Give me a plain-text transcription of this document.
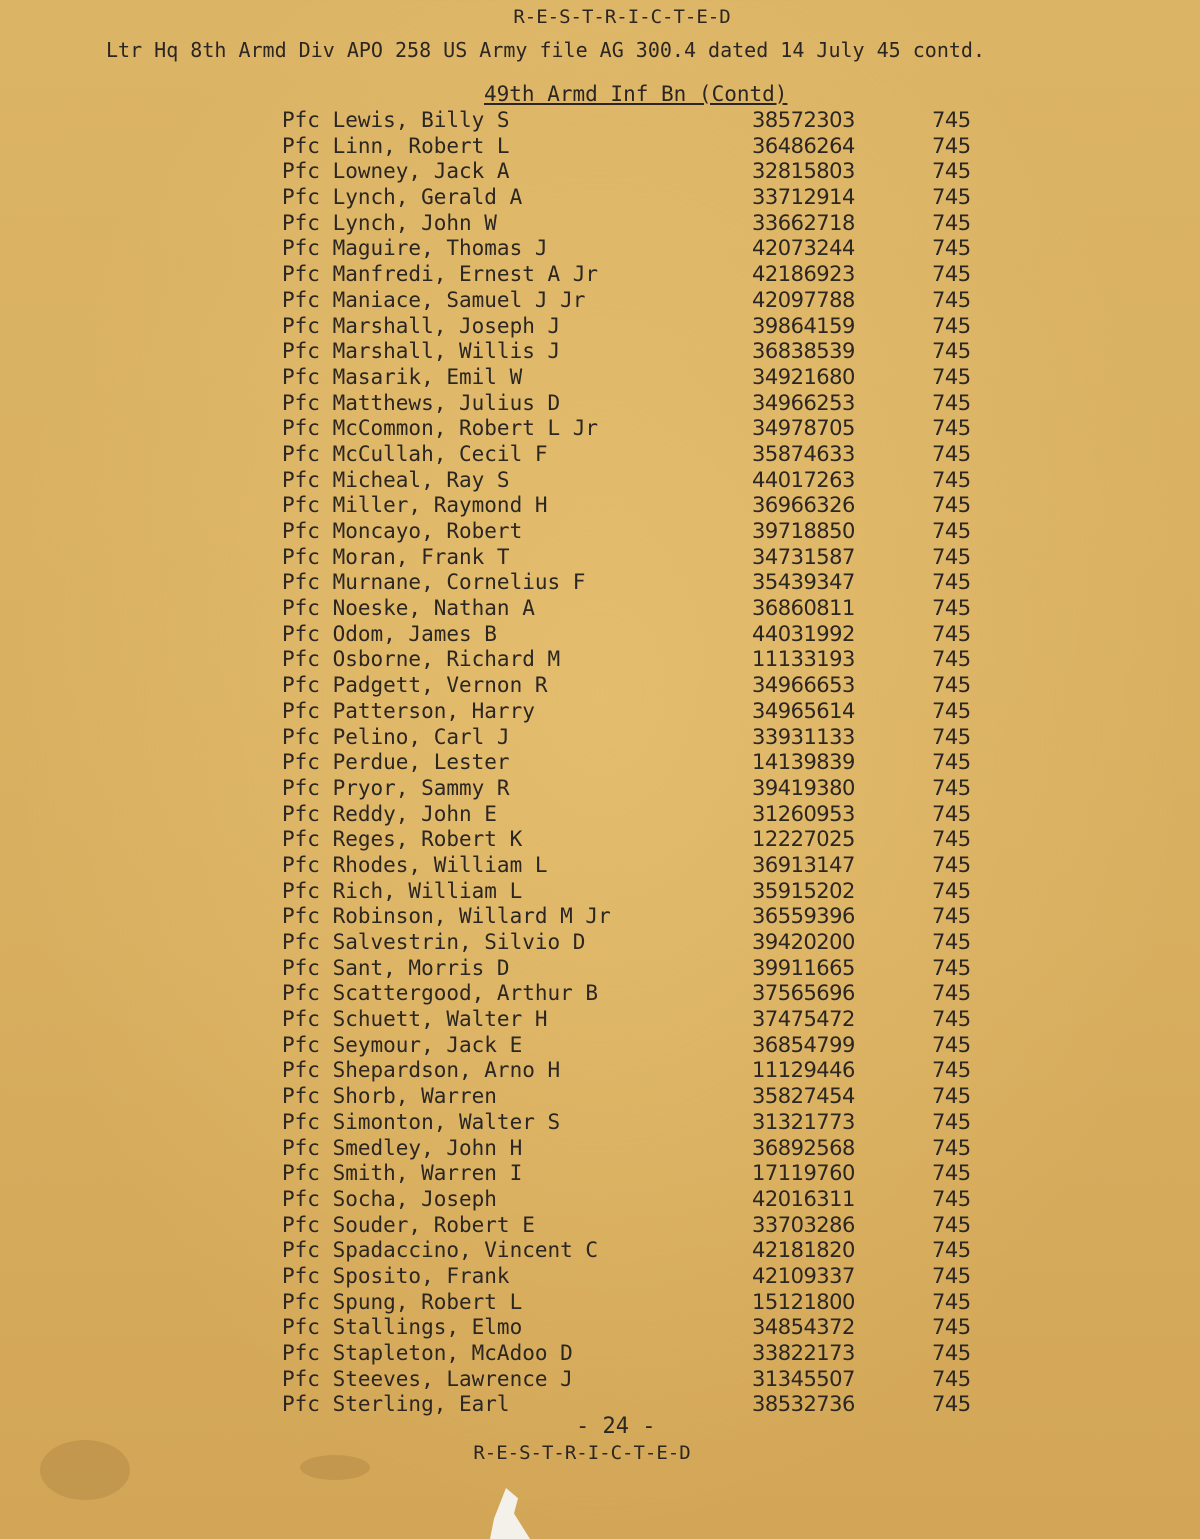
R-E-S-T-R-I-C-T-E-D
Ltr Hq 8th Armd Div APO 258 US Army file AG 300.4 dated 14 July 45 contd.
49th Armd Inf Bn (Contd)
Pfc Lewis, Billy S	38572303	745
Pfc Linn, Robert L	36486264	745
Pfc Lowney, Jack A	32815803	745
Pfc Lynch, Gerald A	33712914	745
Pfc Lynch, John W	33662718	745
Pfc Maguire, Thomas J	42073244	745
Pfc Manfredi, Ernest A Jr	42186923	745
Pfc Maniace, Samuel J Jr	42097788	745
Pfc Marshall, Joseph J	39864159	745
Pfc Marshall, Willis J	36838539	745
Pfc Masarik, Emil W	34921680	745
Pfc Matthews, Julius D	34966253	745
Pfc McCommon, Robert L Jr	34978705	745
Pfc McCullah, Cecil F	35874633	745
Pfc Micheal, Ray S	44017263	745
Pfc Miller, Raymond H	36966326	745
Pfc Moncayo, Robert	39718850	745
Pfc Moran, Frank T	34731587	745
Pfc Murnane, Cornelius F	35439347	745
Pfc Noeske, Nathan A	36860811	745
Pfc Odom, James B	44031992	745
Pfc Osborne, Richard M	11133193	745
Pfc Padgett, Vernon R	34966653	745
Pfc Patterson, Harry	34965614	745
Pfc Pelino, Carl J	33931133	745
Pfc Perdue, Lester	14139839	745
Pfc Pryor, Sammy R	39419380	745
Pfc Reddy, John E	31260953	745
Pfc Reges, Robert K	12227025	745
Pfc Rhodes, William L	36913147	745
Pfc Rich, William L	35915202	745
Pfc Robinson, Willard M Jr	36559396	745
Pfc Salvestrin, Silvio D	39420200	745
Pfc Sant, Morris D	39911665	745
Pfc Scattergood, Arthur B	37565696	745
Pfc Schuett, Walter H	37475472	745
Pfc Seymour, Jack E	36854799	745
Pfc Shepardson, Arno H	11129446	745
Pfc Shorb, Warren	35827454	745
Pfc Simonton, Walter S	31321773	745
Pfc Smedley, John H	36892568	745
Pfc Smith, Warren I	17119760	745
Pfc Socha, Joseph	42016311	745
Pfc Souder, Robert E	33703286	745
Pfc Spadaccino, Vincent C	42181820	745
Pfc Sposito, Frank	42109337	745
Pfc Spung, Robert L	15121800	745
Pfc Stallings, Elmo	34854372	745
Pfc Stapleton, McAdoo D	33822173	745
Pfc Steeves, Lawrence J	31345507	745
Pfc Sterling, Earl	38532736	745
- 24 -
R-E-S-T-R-I-C-T-E-D
